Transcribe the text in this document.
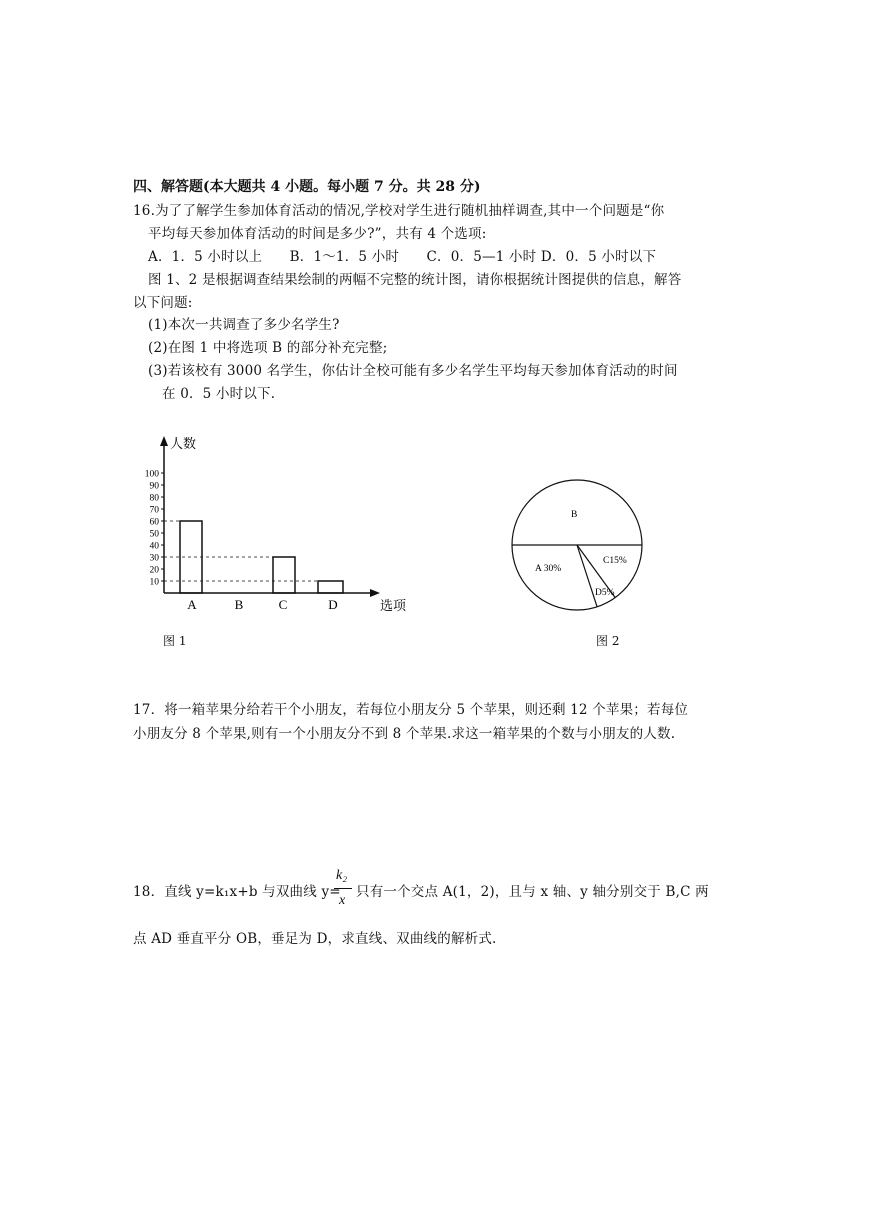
四、解答题(本大题共 4 小题。每小题 7 分。共 28 分)
16.为了了解学生参加体育活动的情况,学校对学生进行随机抽样调查,其中一个问题是“你
平均每天参加体育活动的时间是多少?”，共有 4 个选项:
A．1．5 小时以上　　B．1～1．5 小时　　C．0．5—1 小时 D．0．5 小时以下
图 1、2 是根据调查结果绘制的两幅不完整的统计图，请你根据统计图提供的信息，解答
以下问题:
(1)本次一共调查了多少名学生?
(2)在图 1 中将选项 B 的部分补充完整;
(3)若该校有 3000 名学生，你估计全校可能有多少名学生平均每天参加体育活动的时间
在 0．5 小时以下.
10
20
30
40
50
60
70
80
90
100
A	B	C	D
人数
选项
图 1
B
A 30%
C15%
D5%
图 2
17．将一箱苹果分给若干个小朋友，若每位小朋友分 5 个苹果，则还剩 12 个苹果；若每位
小朋友分 8 个苹果,则有一个小朋友分不到 8 个苹果.求这一箱苹果的个数与小朋友的人数.
18．直线 y=k₁x+b 与双曲线 y=
k₂
x
只有一个交点 A(1，2)，且与 x 轴、y 轴分别交于 B,C 两
点 AD 垂直平分 OB，垂足为 D，求直线、双曲线的解析式.
